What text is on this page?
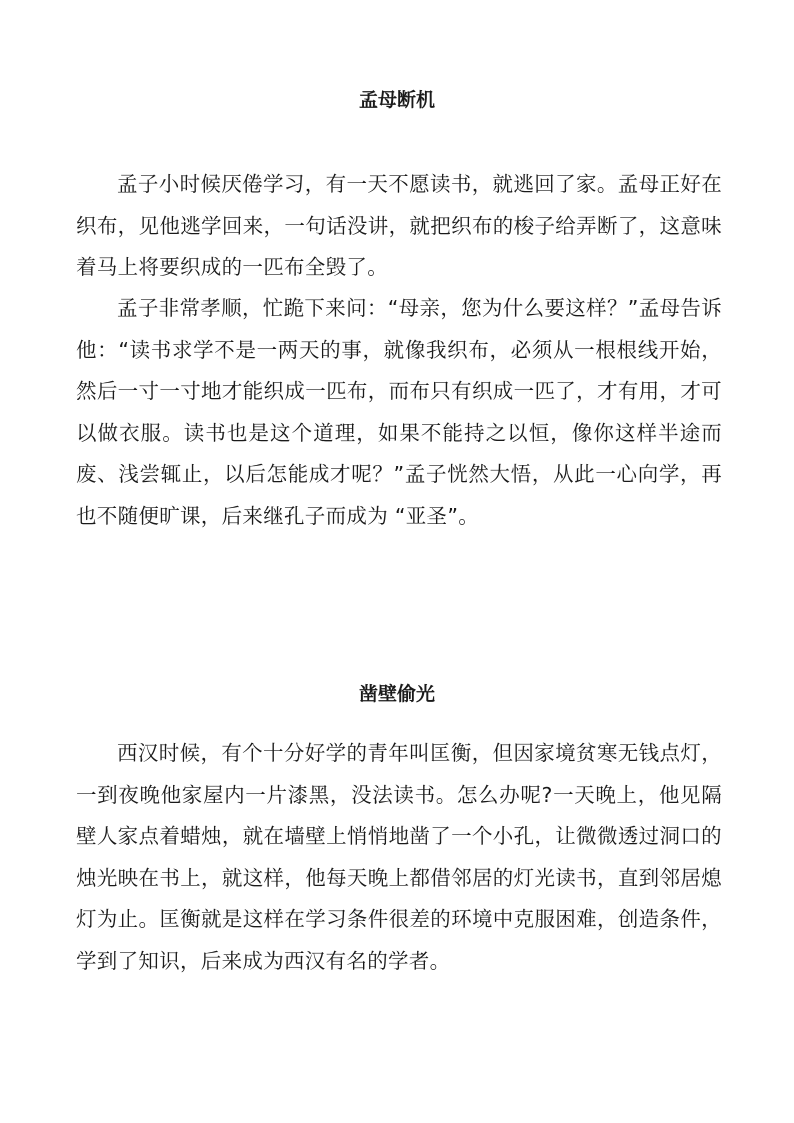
孟母断机

孟子小时候厌倦学习，有一天不愿读书，就逃回了家。孟母正好在织布，见他逃学回来，一句话没讲，就把织布的梭子给弄断了，这意味着马上将要织成的一匹布全毁了。

孟子非常孝顺，忙跪下来问：“母亲，您为什么要这样？”孟母告诉他：“读书求学不是一两天的事，就像我织布，必须从一根根线开始，然后一寸一寸地才能织成一匹布，而布只有织成一匹了，才有用，才可以做衣服。读书也是这个道理，如果不能持之以恒，像你这样半途而废、浅尝辄止，以后怎能成才呢？”孟子恍然大悟，从此一心向学，再也不随便旷课，后来继孔子而成为 “亚圣”。

凿壁偷光

西汉时候，有个十分好学的青年叫匡衡，但因家境贫寒无钱点灯，一到夜晚他家屋内一片漆黑，没法读书。怎么办呢?一天晚上，他见隔壁人家点着蜡烛，就在墙壁上悄悄地凿了一个小孔，让微微透过洞口的烛光映在书上，就这样，他每天晚上都借邻居的灯光读书，直到邻居熄灯为止。匡衡就是这样在学习条件很差的环境中克服困难，创造条件，学到了知识，后来成为西汉有名的学者。
